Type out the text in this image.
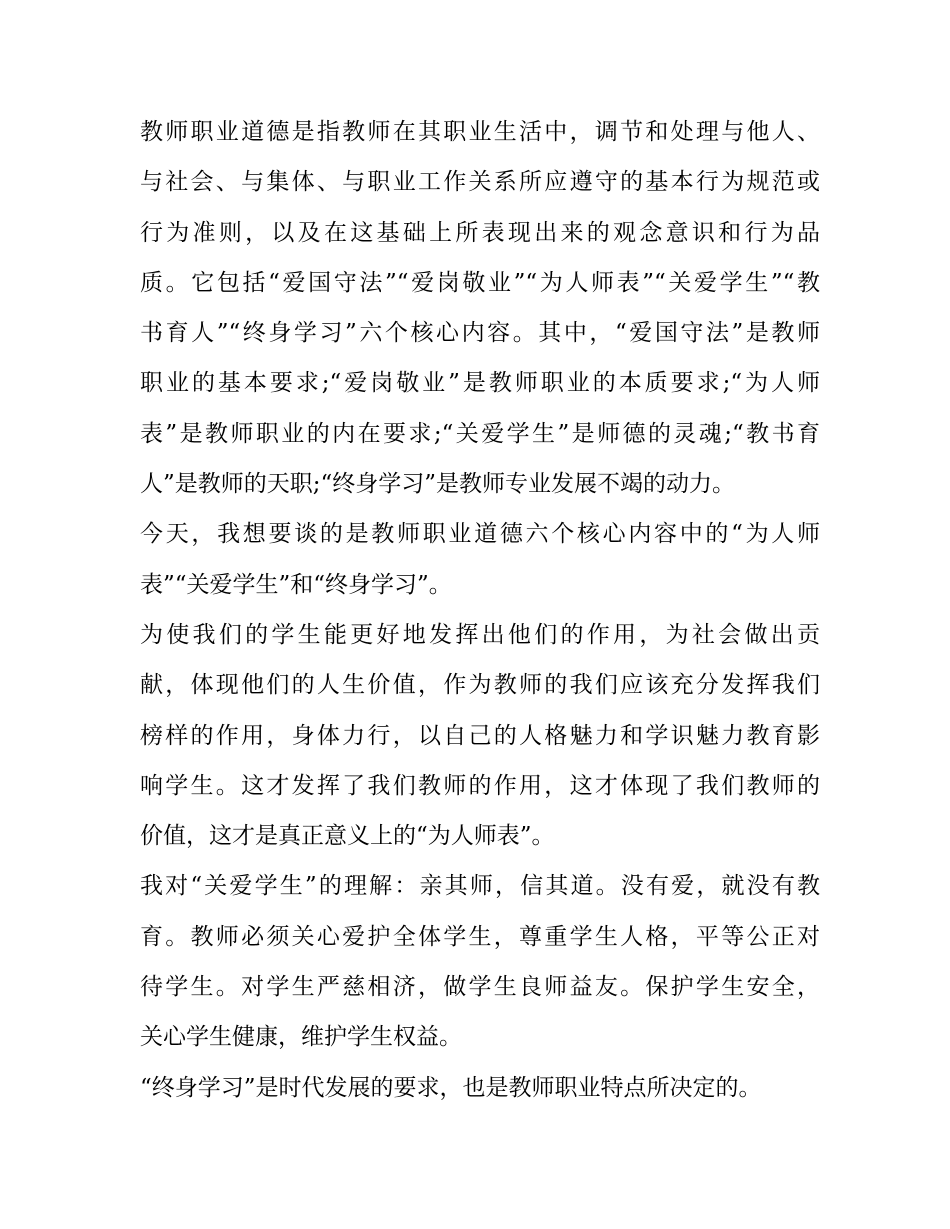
教师职业道德是指教师在其职业生活中，调节和处理与他人、
与社会、与集体、与职业工作关系所应遵守的基本行为规范或
行为准则，以及在这基础上所表现出来的观念意识和行为品
质。它包括“爱国守法”“爱岗敬业”“为人师表”“关爱学生”“教
书育人”“终身学习”六个核心内容。其中，“爱国守法”是教师
职业的基本要求;“爱岗敬业”是教师职业的本质要求;“为人师
表”是教师职业的内在要求;“关爱学生”是师德的灵魂;“教书育
人”是教师的天职;“终身学习”是教师专业发展不竭的动力。
今天，我想要谈的是教师职业道德六个核心内容中的“为人师
表”“关爱学生”和“终身学习”。
为使我们的学生能更好地发挥出他们的作用，为社会做出贡
献，体现他们的人生价值，作为教师的我们应该充分发挥我们
榜样的作用，身体力行，以自己的人格魅力和学识魅力教育影
响学生。这才发挥了我们教师的作用，这才体现了我们教师的
价值，这才是真正意义上的“为人师表”。
我对“关爱学生”的理解：亲其师，信其道。没有爱，就没有教
育。教师必须关心爱护全体学生，尊重学生人格，平等公正对
待学生。对学生严慈相济，做学生良师益友。保护学生安全，
关心学生健康，维护学生权益。
“终身学习”是时代发展的要求，也是教师职业特点所决定的。
